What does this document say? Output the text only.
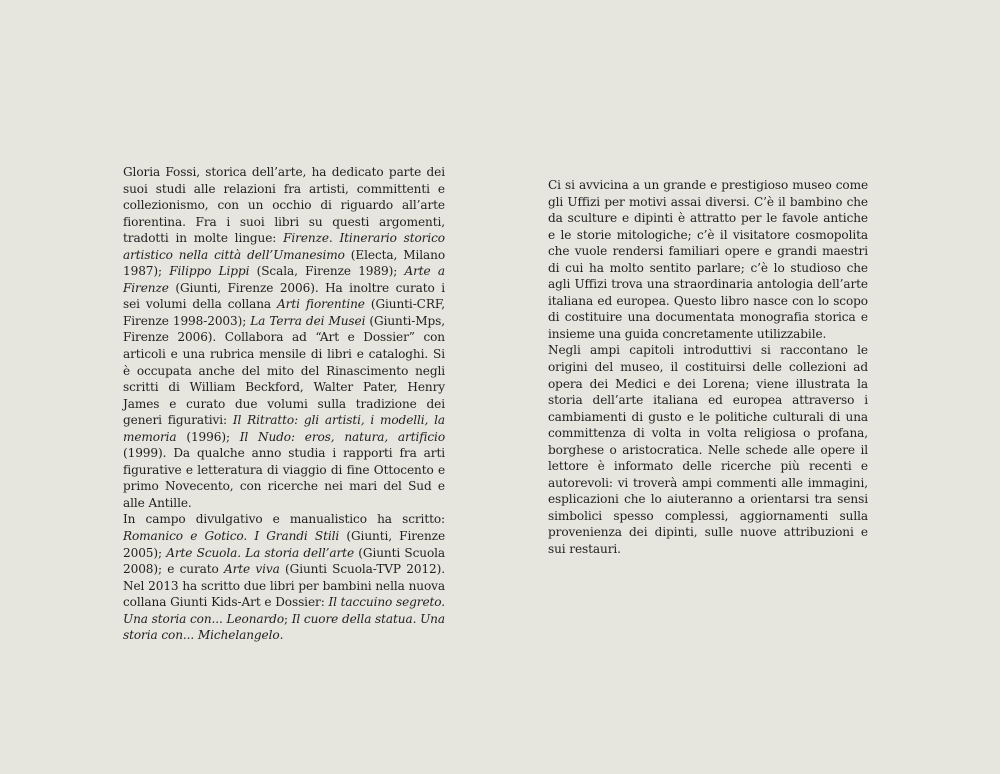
Gloria Fossi, storica dell’arte, ha dedicato parte dei suoi studi alle relazioni fra artisti, committenti e collezionismo, con un occhio di riguardo all’arte fiorentina. Fra i suoi libri su questi argomenti, tradotti in molte lingue: Firenze. Itinerario storico artistico nella città dell’Umanesimo (Electa, Milano 1987); Filippo Lippi (Scala, Firenze 1989); Arte a Firenze (Giunti, Firenze 2006). Ha inoltre curato i sei volumi della collana Arti fiorentine (Giunti-CRF, Firenze 1998-2003); La Terra dei Musei (Giunti-Mps, Firenze 2006). Collabora ad “Art e Dossier” con articoli e una rubrica mensile di libri e cataloghi. Si è occupata anche del mito del Rinascimento negli scritti di William Beckford, Walter Pater, Henry James e curato due volumi sulla tradizione dei generi figurativi: Il Ritratto: gli artisti, i modelli, la memoria (1996); Il Nudo: eros, natura, artificio (1999). Da qualche anno studia i rapporti fra arti figurative e letteratura di viaggio di fine Ottocento e primo Novecento, con ricerche nei mari del Sud e alle Antille.

In campo divulgativo e manualistico ha scritto: Romanico e Gotico. I Grandi Stili (Giunti, Firenze 2005); Arte Scuola. La storia dell’arte (Giunti Scuola 2008); e curato Arte viva (Giunti Scuola-TVP 2012). Nel 2013 ha scritto due libri per bambini nella nuova collana Giunti Kids-Art e Dossier: Il taccuino segreto. Una storia con... Leonardo; Il cuore della statua. Una storia con... Michelangelo.

Ci si avvicina a un grande e prestigioso museo come gli Uffizi per motivi assai diversi. C’è il bambino che da sculture e dipinti è attratto per le favole antiche e le storie mitologiche; c’è il visitatore cosmopolita che vuole rendersi familiari opere e grandi maestri di cui ha molto sentito parlare; c’è lo studioso che agli Uffizi trova una straordinaria antologia dell’arte italiana ed europea. Questo libro nasce con lo scopo di costituire una documentata monografia storica e insieme una guida concretamente utilizzabile.

Negli ampi capitoli introduttivi si raccontano le origini del museo, il costituirsi delle collezioni ad opera dei Medici e dei Lorena; viene illustrata la storia dell’arte italiana ed europea attraverso i cambiamenti di gusto e le politiche culturali di una committenza di volta in volta religiosa o profana, borghese o aristocratica. Nelle schede alle opere il lettore è informato delle ricerche più recenti e autorevoli: vi troverà ampi commenti alle immagini, esplicazioni che lo aiuteranno a orientarsi tra sensi simbolici spesso complessi, aggiornamenti sulla provenienza dei dipinti, sulle nuove attribuzioni e sui restauri.
